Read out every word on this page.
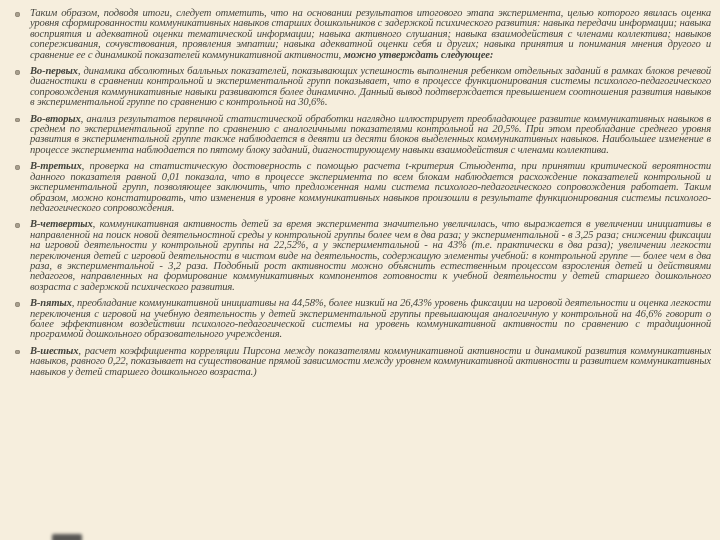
Таким образом, подводя итоги, следует отметить, что на основании результатов итогового этапа эксперимента, целью которого явилась оценка уровня сформированности коммуникативных навыков старших дошкольников с задержкой психического развития: навыка передачи информации; навыка восприятия и адекватной оценки тематической информации; навыка активного слушания; навыка взаимодействия с членами коллектива; навыков сопереживания, сочувствования, проявления эмпатии; навыка адекватной оценки себя и других; навыка принятия и понимания мнения другого и сравнение ее с динамикой показателей коммуникативной активности, можно утверждать следующее:
Во-первых, динамика абсолютных балльных показателей, показывающих успешность выполнения ребенком отдельных заданий в рамках блоков речевой диагностики в сравнении контрольной и экспериментальной групп показывает, что в процессе функционирования системы психолого-педагогического сопровождения коммуникативные навыки развиваются более динамично. Данный вывод подтверждается превышением соотношения развития навыков в экспериментальной группе по сравнению с контрольной на 30,6%.
Во-вторых, анализ результатов первичной статистической обработки наглядно иллюстрирует преобладающее развитие коммуникативных навыков в среднем по экспериментальной группе по сравнению с аналогичными показателями контрольной на 20,5%. При этом преобладание среднего уровня развития в экспериментальной группе также наблюдается в девяти из десяти блоков выделенных коммуникативных навыков. Наибольшее изменение в процессе эксперимента наблюдается по пятому блоку заданий, диагностирующему навыки взаимодействия с членами коллектива.
В-третьих, проверка на статистическую достоверность с помощью расчета t-критерия Стьюдента, при принятии критической вероятности данного показателя равной 0,01 показала, что в процессе эксперимента по всем блокам наблюдается расхождение показателей контрольной и экспериментальной групп, позволяющее заключить, что предложенная нами система психолого-педагогического сопровождения работает. Таким образом, можно констатировать, что изменения в уровне коммуникативных навыков произошли в результате функционирования системы психолого-педагогического сопровождения.
В-четвертых, коммуникативная активность детей за время эксперимента значительно увеличилась, что выражается в увеличении инициативы в направленной на поиск новой деятельностной среды у контрольной группы более чем в два раза; у экспериментальной - в 3,25 раза; снижении фиксации на игровой деятельности у контрольной группы на 22,52%, а у экспериментальной - на 43% (т.е. практически в два раза); увеличении легкости переключения детей с игровой деятельности в чистом виде на деятельность, содержащую элементы учебной: в контрольной группе — более чем в два раза, в экспериментальной - 3,2 раза. Подобный рост активности можно объяснить естественным процессом взросления детей и действиями педагогов, направленных на формирование коммуникативных компонентов готовности к учебной деятельности у детей старшего дошкольного возраста с задержкой психического развития.
В-пятых, преобладание коммуникативной инициативы на 44,58%, более низкий на 26,43% уровень фиксации на игровой деятельности и оценка легкости переключения с игровой на учебную деятельность у детей экспериментальной группы превышающая аналогичную у контрольной на 46,6% говорит о более эффективном воздействии психолого-педагогической системы на уровень коммуникативной активности по сравнению с традиционной программой дошкольного образовательного учреждения.
В-шестых, расчет коэффициента корреляции Пирсона между показателями коммуникативной активности и динамикой развития коммуникативных навыков, равного 0,22, показывает на существование прямой зависимости между уровнем коммуникативной активности и развитием коммуникативных навыков у детей старшего дошкольного возраста.)
